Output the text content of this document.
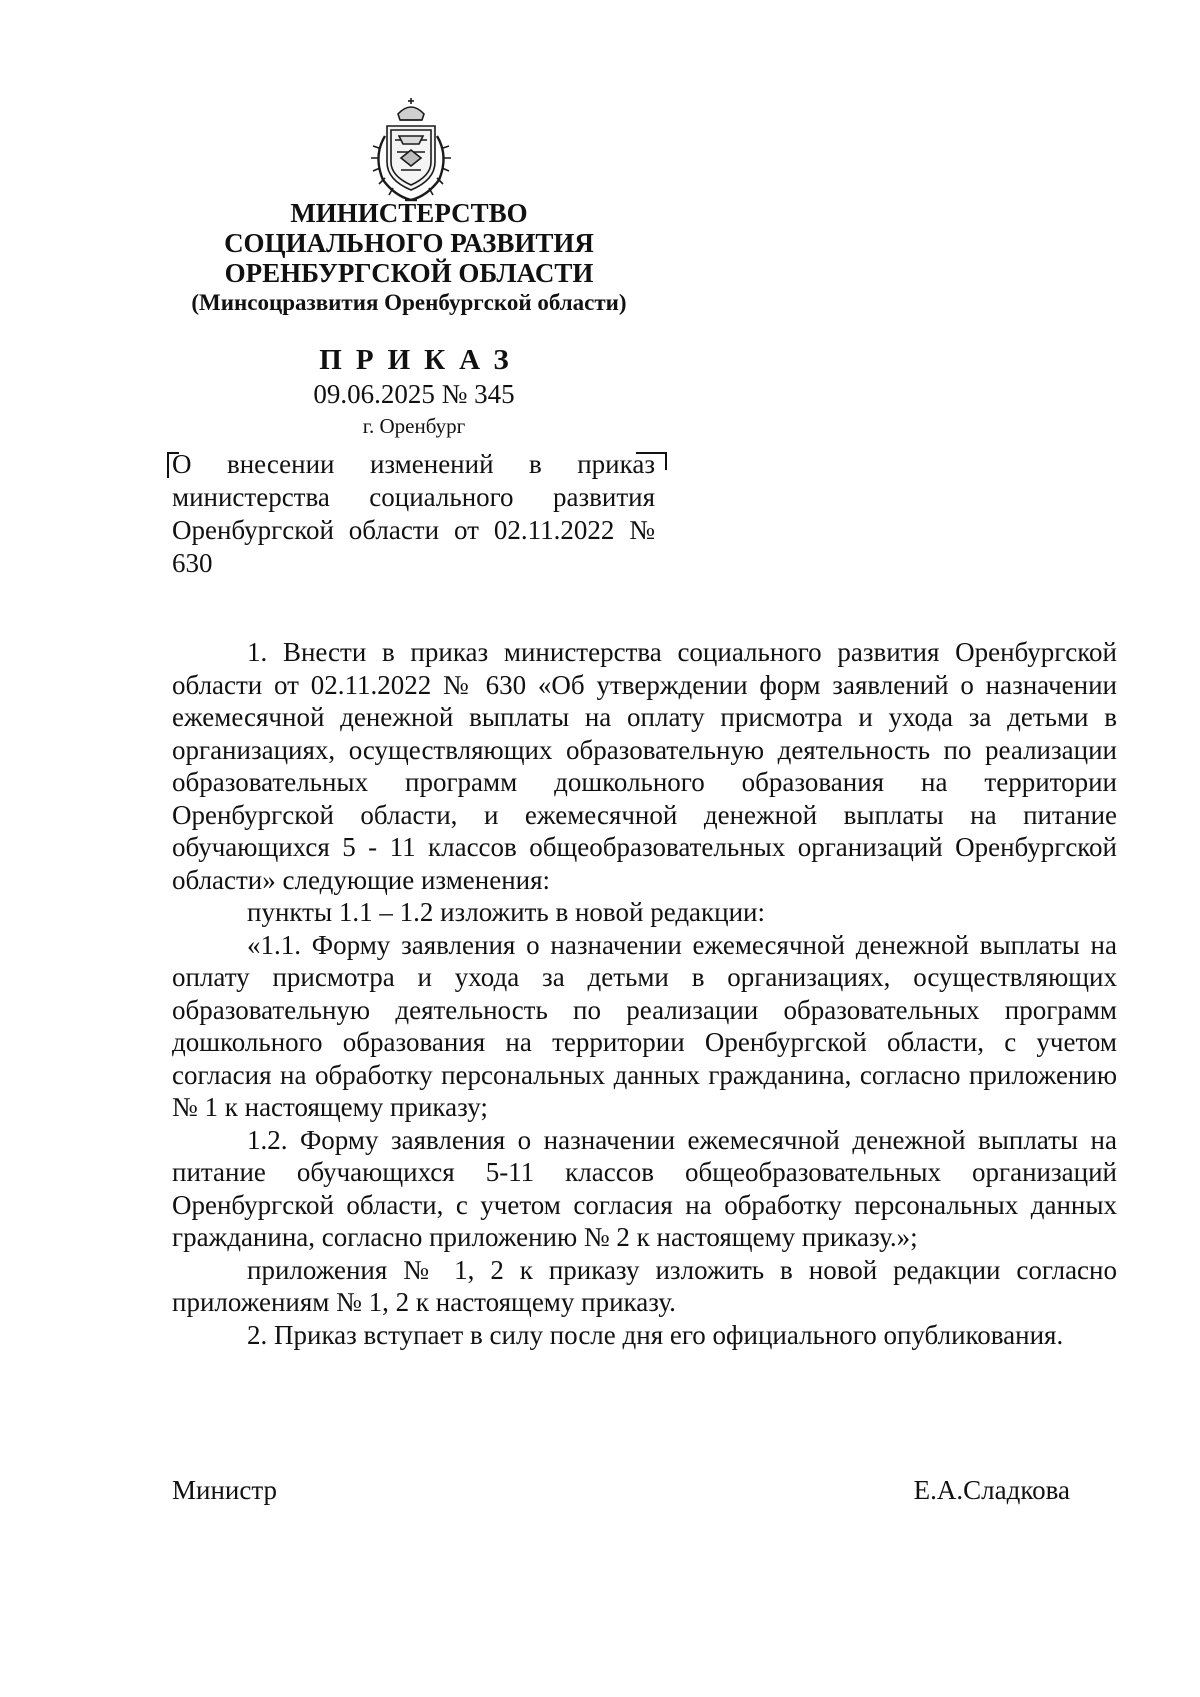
МИНИСТЕРСТВО
СОЦИАЛЬНОГО РАЗВИТИЯ
ОРЕНБУРГСКОЙ ОБЛАСТИ
(Минсоцразвития Оренбургской области)
ПРИКАЗ
09.06.2025 № 345
г. Оренбург
О внесении изменений в приказ министерства социального развития Оренбургской области от 02.11.2022 № 630

1. Внести в приказ министерства социального развития Оренбургской области от 02.11.2022 № 630 «Об утверждении форм заявлений о назначении ежемесячной денежной выплаты на оплату присмотра и ухода за детьми в организациях, осуществляющих образовательную деятельность по реализации образовательных программ дошкольного образования на территории Оренбургской области, и ежемесячной денежной выплаты на питание обучающихся 5 - 11 классов общеобразовательных организаций Оренбургской области» следующие изменения:

пункты 1.1 – 1.2 изложить в новой редакции:

«1.1. Форму заявления о назначении ежемесячной денежной выплаты на оплату присмотра и ухода за детьми в организациях, осуществляющих образовательную деятельность по реализации образовательных программ дошкольного образования на территории Оренбургской области, с учетом согласия на обработку персональных данных гражданина, согласно приложению № 1 к настоящему приказу;

1.2. Форму заявления о назначении ежемесячной денежной выплаты на питание обучающихся 5-11 классов общеобразовательных организаций Оренбургской области, с учетом согласия на обработку персональных данных гражданина, согласно приложению № 2 к настоящему приказу.»;

приложения № 1, 2 к приказу изложить в новой редакции согласно приложениям № 1, 2 к настоящему приказу.

2. Приказ вступает в силу после дня его официального опубликования.

Министр	Е.А.Сладкова
